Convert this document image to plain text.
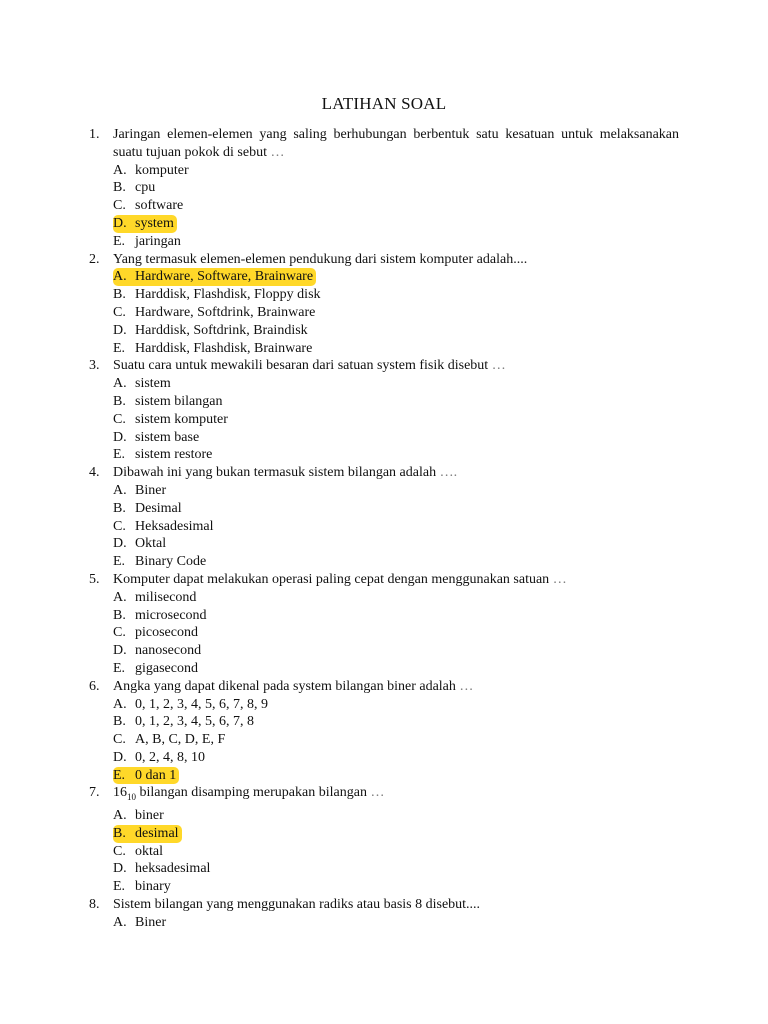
LATIHAN SOAL
1. Jaringan elemen-elemen yang saling berhubungan berbentuk satu kesatuan untuk melaksanakan suatu tujuan pokok di sebut …
A. komputer
B. cpu
C. software
D. system
E. jaringan
2. Yang termasuk elemen-elemen pendukung dari sistem komputer adalah....
A. Hardware, Software, Brainware
B. Harddisk, Flashdisk, Floppy disk
C. Hardware, Softdrink, Brainware
D. Harddisk, Softdrink, Braindisk
E. Harddisk, Flashdisk, Brainware
3. Suatu cara untuk mewakili besaran dari satuan system fisik disebut …
A. sistem
B. sistem bilangan
C. sistem komputer
D. sistem base
E. sistem restore
4. Dibawah ini yang bukan termasuk sistem bilangan adalah ….
A. Biner
B. Desimal
C. Heksadesimal
D. Oktal
E. Binary Code
5. Komputer dapat melakukan operasi paling cepat dengan menggunakan satuan …
A. milisecond
B. microsecond
C. picosecond
D. nanosecond
E. gigasecond
6. Angka yang dapat dikenal pada system bilangan biner adalah …
A. 0, 1, 2, 3, 4, 5, 6, 7, 8, 9
B. 0, 1, 2, 3, 4, 5, 6, 7, 8
C. A, B, C, D, E, F
D. 0, 2, 4, 8, 10
E. 0 dan 1
7. $16_{10}$ bilangan disamping merupakan bilangan …
A. biner
B. desimal
C. oktal
D. heksadesimal
E. binary
8. Sistem bilangan yang menggunakan radiks atau basis 8 disebut....
A. Biner
